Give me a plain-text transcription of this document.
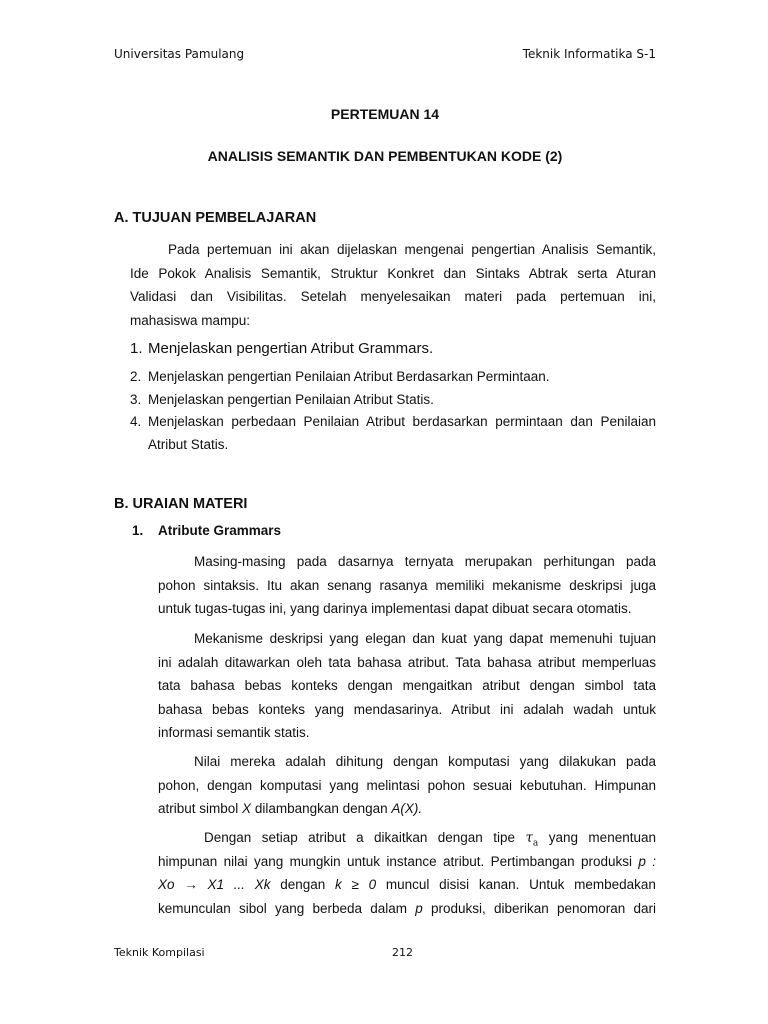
Universitas Pamulang	Teknik Informatika S-1
PERTEMUAN 14
ANALISIS SEMANTIK DAN PEMBENTUKAN KODE (2)
A. TUJUAN PEMBELAJARAN
Pada pertemuan ini akan dijelaskan mengenai pengertian Analisis Semantik,
Ide Pokok Analisis Semantik, Struktur Konkret dan Sintaks Abtrak serta Aturan
Validasi dan Visibilitas. Setelah menyelesaikan materi pada pertemuan ini,
mahasiswa mampu:
1. Menjelaskan pengertian Atribut Grammars.
2. Menjelaskan pengertian Penilaian Atribut Berdasarkan Permintaan.
3. Menjelaskan pengertian Penilaian Atribut Statis.
4. Menjelaskan perbedaan Penilaian Atribut berdasarkan permintaan dan Penilaian
Atribut Statis.
B. URAIAN MATERI
1. Atribute Grammars
Masing-masing pada dasarnya ternyata merupakan perhitungan pada
pohon sintaksis. Itu akan senang rasanya memiliki mekanisme deskripsi juga
untuk tugas-tugas ini, yang darinya implementasi dapat dibuat secara otomatis.
Mekanisme deskripsi yang elegan dan kuat yang dapat memenuhi tujuan
ini adalah ditawarkan oleh tata bahasa atribut. Tata bahasa atribut memperluas
tata bahasa bebas konteks dengan mengaitkan atribut dengan simbol tata
bahasa bebas konteks yang mendasarinya. Atribut ini adalah wadah untuk
informasi semantik statis.
Nilai mereka adalah dihitung dengan komputasi yang dilakukan pada
pohon, dengan komputasi yang melintasi pohon sesuai kebutuhan. Himpunan
atribut simbol X dilambangkan dengan A(X).
Dengan setiap atribut a dikaitkan dengan tipe $\tau_a$ yang menentuan
himpunan nilai yang mungkin untuk instance atribut. Pertimbangan produksi p :
Xo → X1 ... Xk dengan k ≥ 0 muncul disisi kanan. Untuk membedakan
kemunculan sibol yang berbeda dalam p produksi, diberikan penomoran dari
Teknik Kompilasi	212
